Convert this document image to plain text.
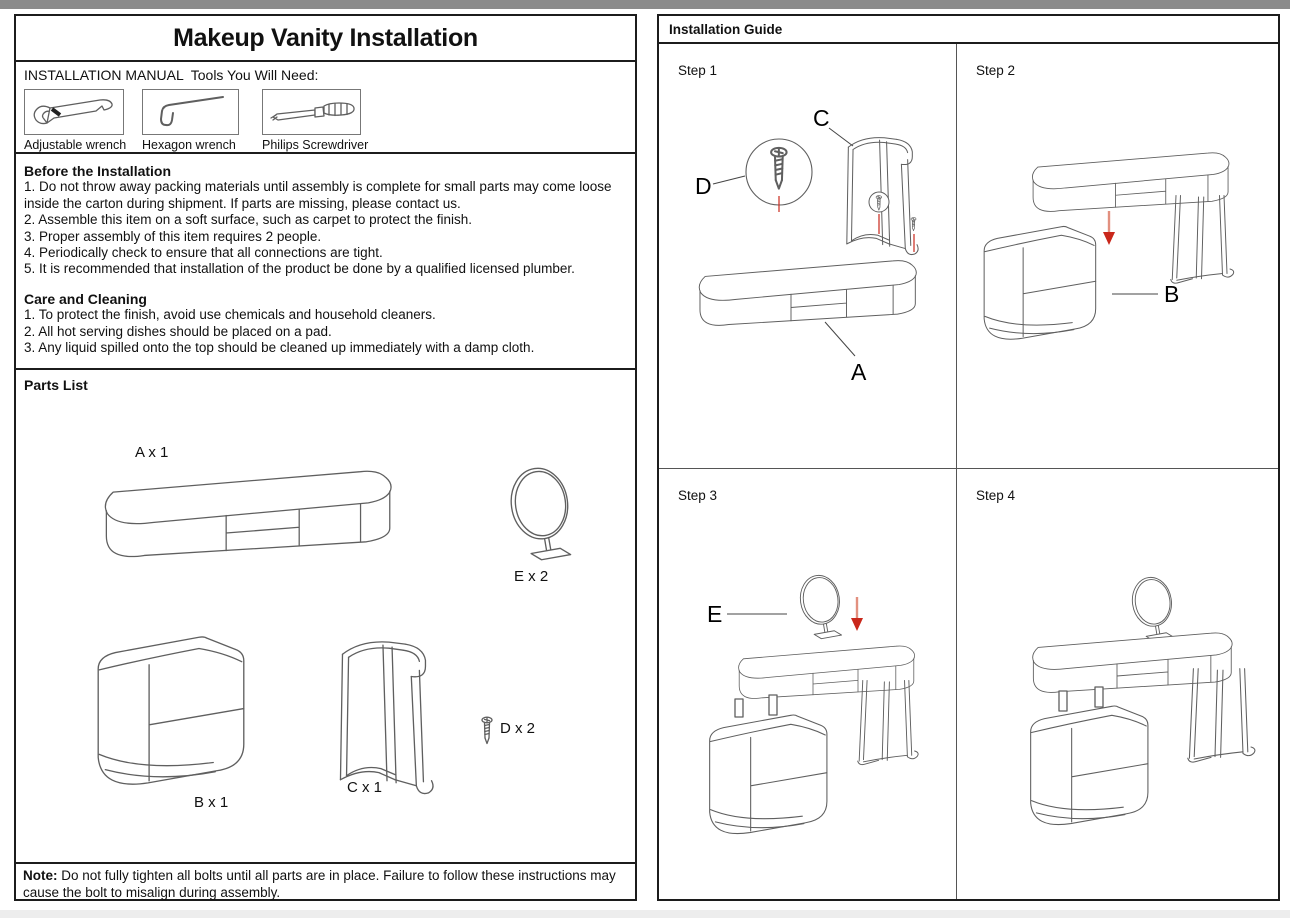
Makeup Vanity Installation
INSTALLATION MANUAL  Tools You Will Need:
Adjustable wrench Hexagon wrench Philips Screwdriver
Before the Installation
1. Do not throw away packing materials until assembly is complete for small parts may come loose inside the carton during shipment. If parts are missing, please contact us.
2. Assemble this item on a soft surface, such as carpet to protect the finish.
3. Proper assembly of this item requires 2 people.
4. Periodically check to ensure that all connections are tight.
5. It is recommended that installation of the product be done by a qualified licensed plumber.
Care and Cleaning
1. To protect the finish, avoid use chemicals and household cleaners.
2. All hot serving dishes should be placed on a pad.
3. Any liquid spilled onto the top should be cleaned up immediately with a damp cloth.
Parts List
A x 1
E x 2
B x 1
C x 1
D x 2
Note: Do not fully tighten all bolts until all parts are in place. Failure to follow these instructions may cause the bolt to misalign during assembly.
Installation Guide
Step 1
C
D
A
Step 2
B
Step 3
E
Step 4
